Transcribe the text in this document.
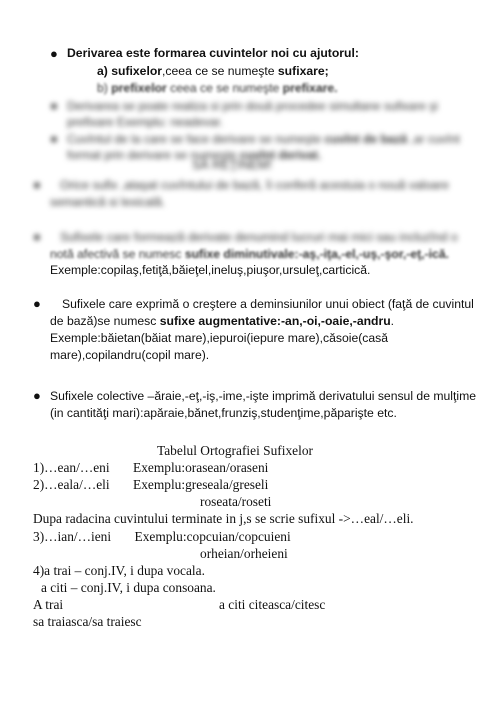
● Derivarea este formarea cuvintelor noi cu ajutorul:
a) sufixelor,ceea ce se numeşte sufixare;
b) prefixelor ceea ce se numeşte prefixare.
● Derivarea se poate realiza si prin două procedee simultane sufixare şi
prefixare Exemplu: neadevar.
● Cuvîntul de la care se face derivare se numeşte cuvînt de bază ,ar cuvînt
format prin derivare se numeşte cuvînt derivat.
SĂ REŢINEM!
●	Orice sufix ,ataşat cuvîntului de bază, îi conferă acestuia o nouă valoare
semantică si lexicală.
●	Sufixele care formează derivate denumind lucruri mai mici sau incluzînd o
notă afectivă se numesc sufixe diminutivale:-aş,-iţa,-el,-uş,-şor,-eţ,-ică.
Exemple:copilaş,fetiţă,băieţel,ineluş,piuşor,ursuleţ,carticică.
●	Sufixele care exprimă o creştere a deminsiunilor unui obiect (faţă de cuvintul
de bază)se numesc sufixe augmentative:-an,-oi,-oaie,-andru.
Exemple:băietan(băiat mare),iepuroi(iepure mare),căsoie(casă
mare),copilandru(copil mare).
● Sufixele colective –ăraie,-eţ,-iş,-ime,-işte imprimă derivatului sensul de mulţime
(in cantităţi mari):apăraie,bănet,frunziş,studenţime,păparişte etc.
Tabelul Ortografiei Sufixelor
1)…ean/…eni       Exemplu:orasean/oraseni
2)…eala/…eli       Exemplu:greseala/greseli
roseata/roseti
Dupa radacina cuvintului terminate in j,s se scrie sufixul ->…eal/…eli.
3)…ian/…ieni       Exemplu:copcuian/copcuieni
orheian/orheieni
4)a trai – conj.IV, i dupa vocala.
a citi – conj.IV, i dupa consoana.
A trai	a citi citeasca/citesc
sa traiasca/sa traiesc
